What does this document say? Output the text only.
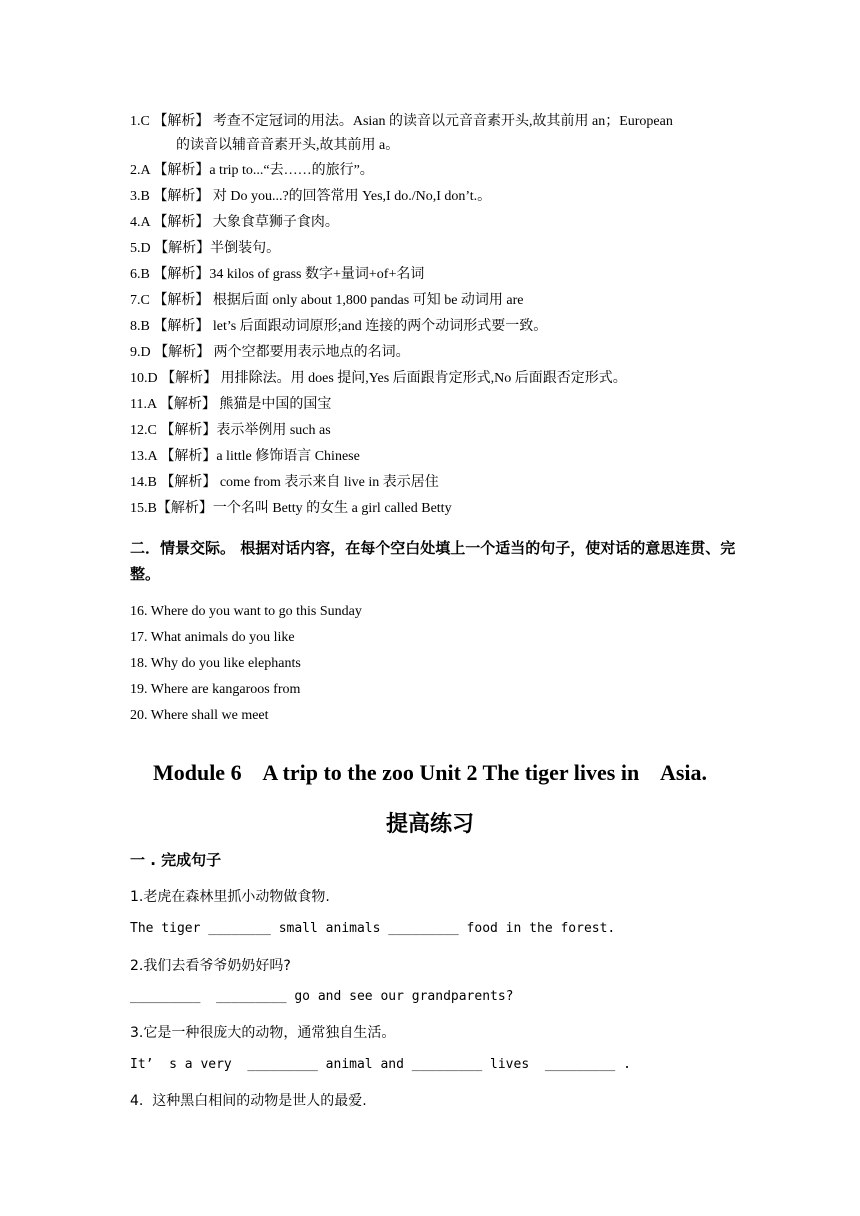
1.C 【解析】 考查不定冠词的用法。Asian 的读音以元音音素开头,故其前用 an；European
的读音以辅音音素开头,故其前用 a。
2.A 【解析】a trip to...“去……的旅行”。
3.B 【解析】 对 Do you...?的回答常用 Yes,I do./No,I don’t.。
4.A 【解析】 大象食草狮子食肉。
5.D 【解析】半倒装句。
6.B 【解析】34 kilos of grass 数字+量词+of+名词
7.C 【解析】 根据后面 only about 1,800 pandas 可知 be 动词用 are
8.B 【解析】 let’s 后面跟动词原形;and 连接的两个动词形式要一致。
9.D 【解析】 两个空都要用表示地点的名词。
10.D 【解析】 用排除法。用 does 提问,Yes 后面跟肯定形式,No 后面跟否定形式。
11.A 【解析】 熊猫是中国的国宝
12.C 【解析】表示举例用 such as
13.A 【解析】a little 修饰语言 Chinese
14.B 【解析】 come from 表示来自 live in 表示居住
15.B【解析】一个名叫 Betty 的女生 a girl called Betty
二．情景交际。 根据对话内容，在每个空白处填上一个适当的句子，使对话的意思连贯、完整。
16. Where do you want to go this Sunday
17. What animals do you like
18. Why do you like elephants
19. Where are kangaroos from
20. Where shall we meet
Module 6    A trip to the zoo Unit 2 The tiger lives in    Asia.
提高练习
一 . 完成句子
1.老虎在森林里抓小动物做食物.
The tiger ________ small animals _________ food in the forest.
2.我们去看爷爷奶奶好吗?
_________  _________ go and see our grandparents?
3.它是一种很庞大的动物，通常独自生活。
It’  s a very  _________ animal and _________ lives  _________ .
4.  这种黑白相间的动物是世人的最爱.
